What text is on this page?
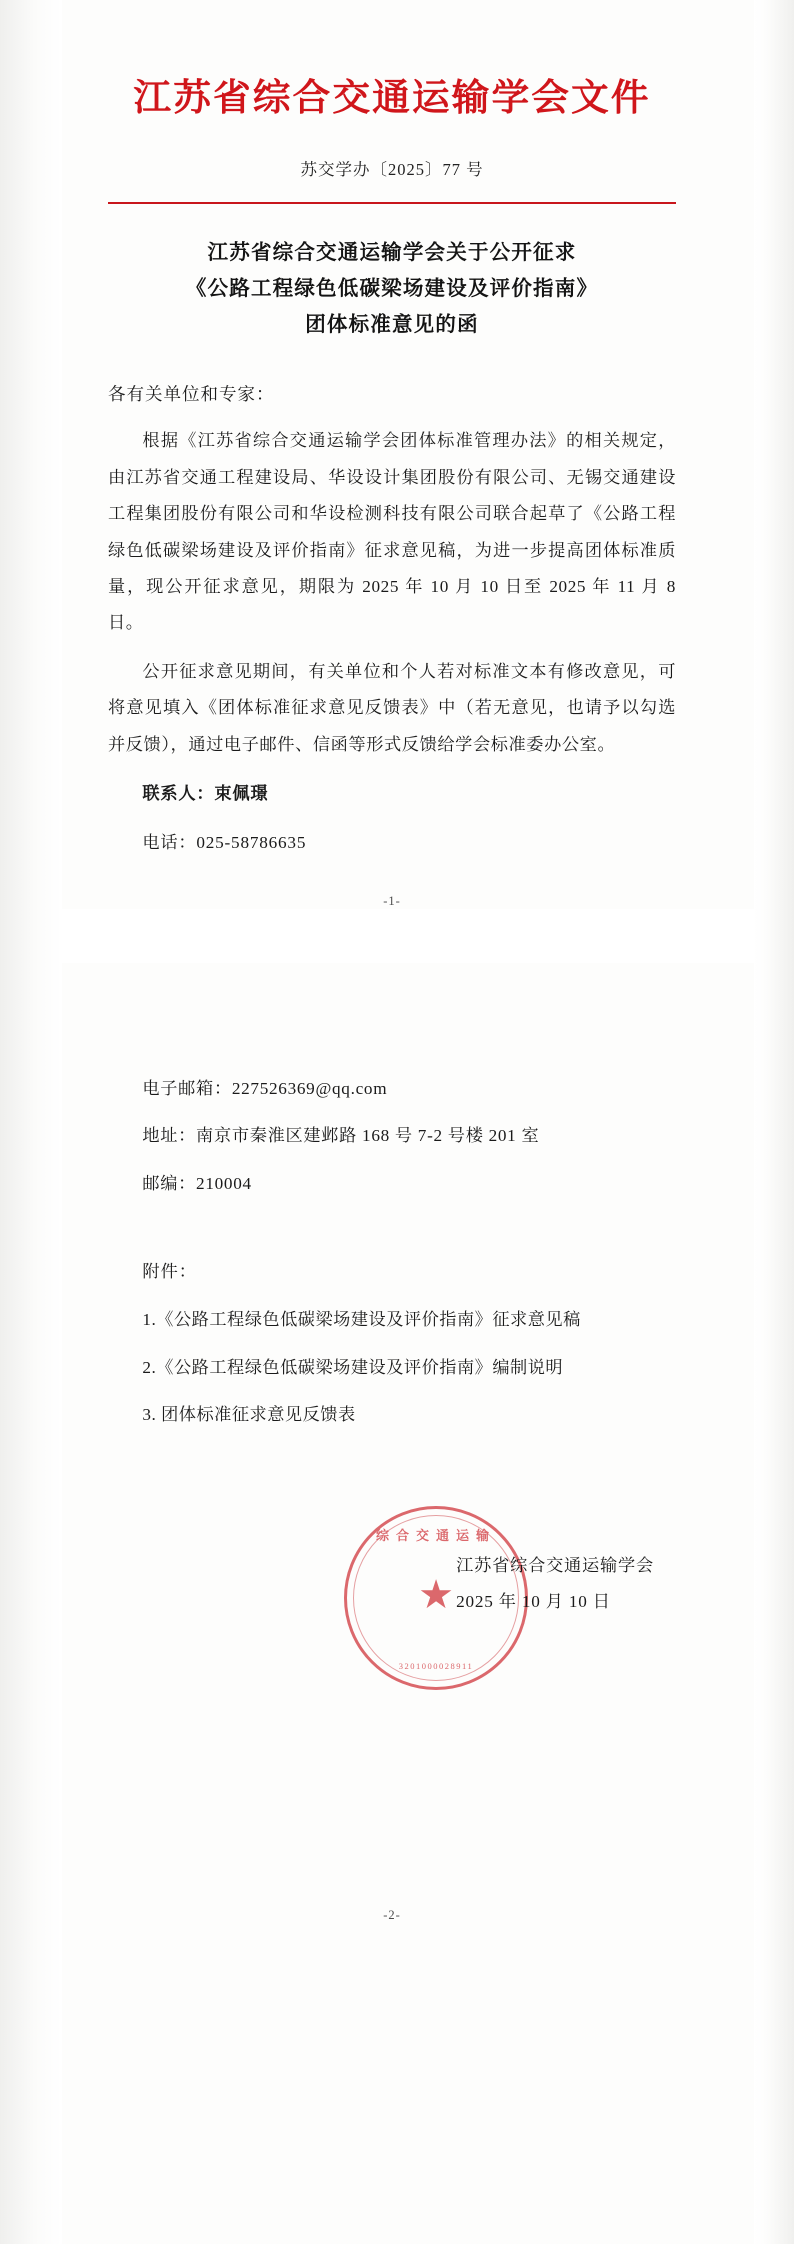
江苏省综合交通运输学会文件
苏交学办〔2025〕77 号
江苏省综合交通运输学会关于公开征求
《公路工程绿色低碳梁场建设及评价指南》
团体标准意见的函
各有关单位和专家：

根据《江苏省综合交通运输学会团体标准管理办法》的相关规定，由江苏省交通工程建设局、华设设计集团股份有限公司、无锡交通建设工程集团股份有限公司和华设检测科技有限公司联合起草了《公路工程绿色低碳梁场建设及评价指南》征求意见稿，为进一步提高团体标准质量，现公开征求意见，期限为 2025 年 10 月 10 日至 2025 年 11 月 8 日。

公开征求意见期间，有关单位和个人若对标准文本有修改意见，可将意见填入《团体标准征求意见反馈表》中（若无意见，也请予以勾选并反馈），通过电子邮件、信函等形式反馈给学会标准委办公室。

联系人：束佩璟

电话：025-58786635

-1-

电子邮箱：227526369@qq.com

地址：南京市秦淮区建邺路 168 号 7-2 号楼 201 室

邮编：210004

附件：

1.《公路工程绿色低碳梁场建设及评价指南》征求意见稿

2.《公路工程绿色低碳梁场建设及评价指南》编制说明

3. 团体标准征求意见反馈表

综合交通运输
★
3201000028911
江苏省综合交通运输学会
2025 年 10 月 10 日
-2-
